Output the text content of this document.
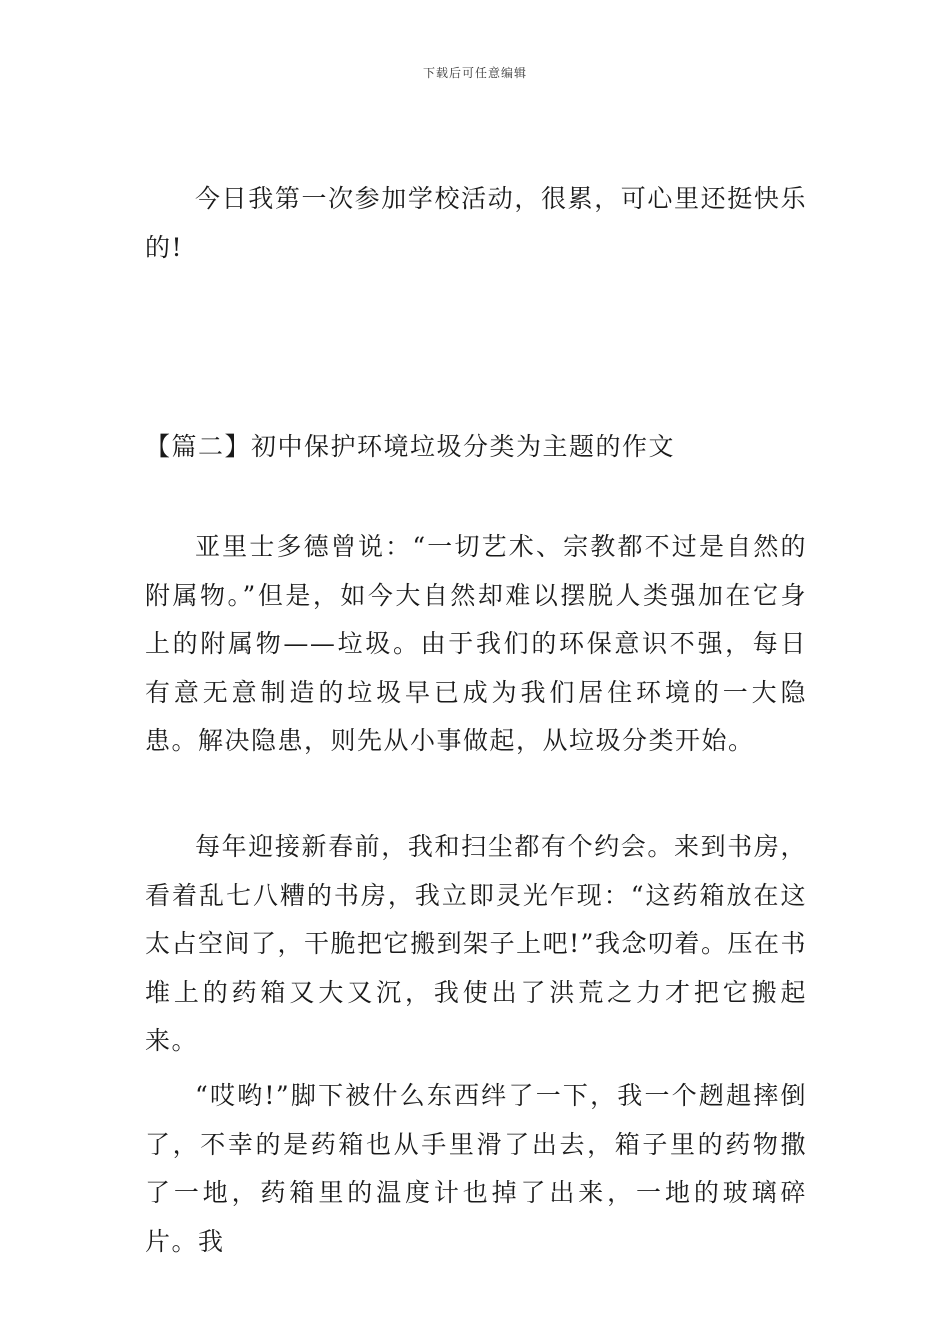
下载后可任意编辑

今日我第一次参加学校活动，很累，可心里还挺快乐的!

【篇二】初中保护环境垃圾分类为主题的作文

亚里士多德曾说：“一切艺术、宗教都不过是自然的附属物。”但是，如今大自然却难以摆脱人类强加在它身上的附属物——垃圾。由于我们的环保意识不强，每日有意无意制造的垃圾早已成为我们居住环境的一大隐患。解决隐患，则先从小事做起，从垃圾分类开始。

每年迎接新春前，我和扫尘都有个约会。来到书房，看着乱七八糟的书房，我立即灵光乍现：“这药箱放在这太占空间了，干脆把它搬到架子上吧!”我念叨着。压在书堆上的药箱又大又沉，我使出了洪荒之力才把它搬起来。

“哎哟!”脚下被什么东西绊了一下，我一个趔趄摔倒了，不幸的是药箱也从手里滑了出去，箱子里的药物撒了一地，药箱里的温度计也掉了出来，一地的玻璃碎片。我
